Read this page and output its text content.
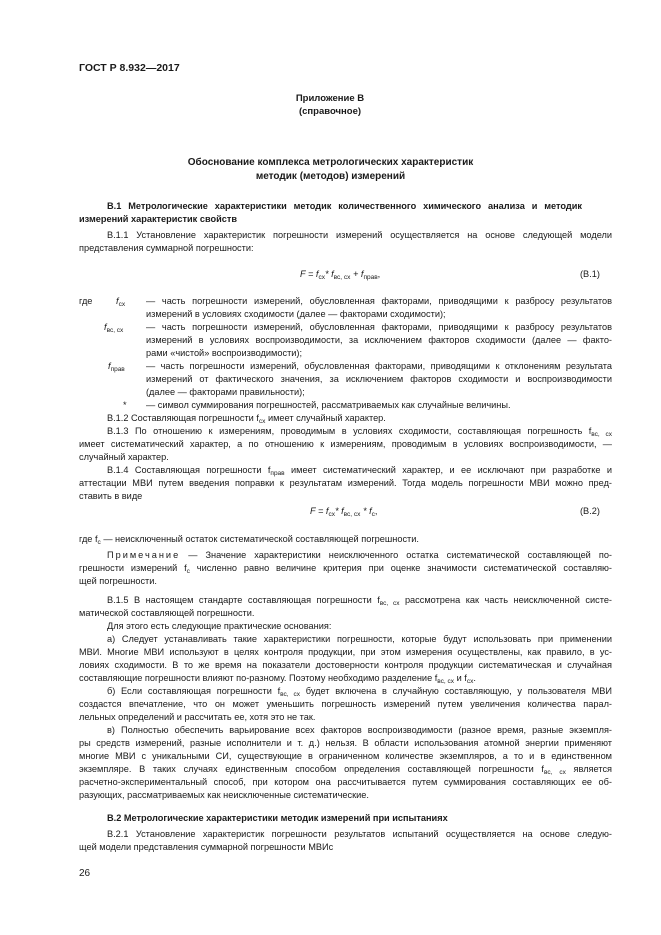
ГОСТ Р 8.932—2017
Приложение В
(справочное)
Обоснование комплекса метрологических характеристик
методик (методов) измерений
В.1 Метрологические характеристики методик количественного химического анализа и методик
измерений характеристик свойств
В.1.1 Установление характеристик погрешности измерений осуществляется на основе следующей модели
представления суммарной погрешности:
$F = f_{сх}*$ $f_{вс, сх} + f_{прав}$,	(В.1)
где	$f_{сх}$ — часть погрешности измерений, обусловленная факторами, приводящими к разбросу результатов
измерений в условиях сходимости (далее — факторами сходимости);
$f_{вс, сх}$ — часть погрешности измерений, обусловленная факторами, приводящими к разбросу результатов
измерений в условиях воспроизводимости, за исключением факторов сходимости (далее — факто-
рами «чистой» воспроизводимости);
$f_{прав}$ — часть погрешности измерений, обусловленная факторами, приводящими к отклонениям результата
измерений от фактического значения, за исключением факторов сходимости и воспроизводимости
(далее — факторами правильности);
* — символ суммирования погрешностей, рассматриваемых как случайные величины.
В.1.2 Составляющая погрешности $f_{сх}$ имеет случайный характер.
В.1.3 По отношению к измерениям, проводимым в условиях сходимости, составляющая погрешность $f_{вс, сх}$
имеет систематический характер, а по отношению к измерениям, проводимым в условиях воспроизводимости, —
случайный характер.
В.1.4 Составляющая погрешности $f_{прав}$ имеет систематический характер, и ее исключают при разработке и
аттестации МВИ путем введения поправки к результатам измерений. Тогда модель погрешности МВИ можно пред-
ставить в виде
$F = f_{сх}*$ $f_{вс, сх} * f_с$,	(В.2)
где $f_с$ — неисключенный остаток систематической составляющей погрешности.
Примечание — Значение характеристики неисключенного остатка систематической составляющей по-
грешности измерений $f_с$ численно равно величине критерия при оценке значимости систематической составляю-
щей погрешности.
В.1.5 В настоящем стандарте составляющая погрешности $f_{вс, сх}$ рассмотрена как часть неисключенной систе-
матической составляющей погрешности.
Для этого есть следующие практические основания:
а) Следует устанавливать такие характеристики погрешности, которые будут использовать при применении
МВИ. Многие МВИ используют в целях контроля продукции, при этом измерения осуществлены, как правило, в ус-
ловиях сходимости. В то же время на показатели достоверности контроля продукции систематическая и случайная
составляющие погрешности влияют по-разному. Поэтому необходимо разделение $f_{вс, сх}$ и $f_{сх}$.
б) Если составляющая погрешности $f_{вс, сх}$ будет включена в случайную составляющую, у пользователя МВИ
создастся впечатление, что он может уменьшить погрешность измерений путем увеличения количества парал-
лельных определений и рассчитать ее, хотя это не так.
в) Полностью обеспечить варьирование всех факторов воспроизводимости (разное время, разные экземпля-
ры средств измерений, разные исполнители и т. д.) нельзя. В области использования атомной энергии применяют
многие МВИ с уникальными СИ, существующие в ограниченном количестве экземпляров, а то и в единственном
экземпляре. В таких случаях единственным способом определения составляющей погрешности $f_{вс, сх}$ является
расчетно-экспериментальный способ, при котором она рассчитывается путем суммирования составляющих ее об-
разующих, рассматриваемых как неисключенные систематические.
В.2 Метрологические характеристики методик измерений при испытаниях
В.2.1 Установление характеристик погрешности результатов испытаний осуществляется на основе следую-
щей модели представления суммарной погрешности МВИс
26
